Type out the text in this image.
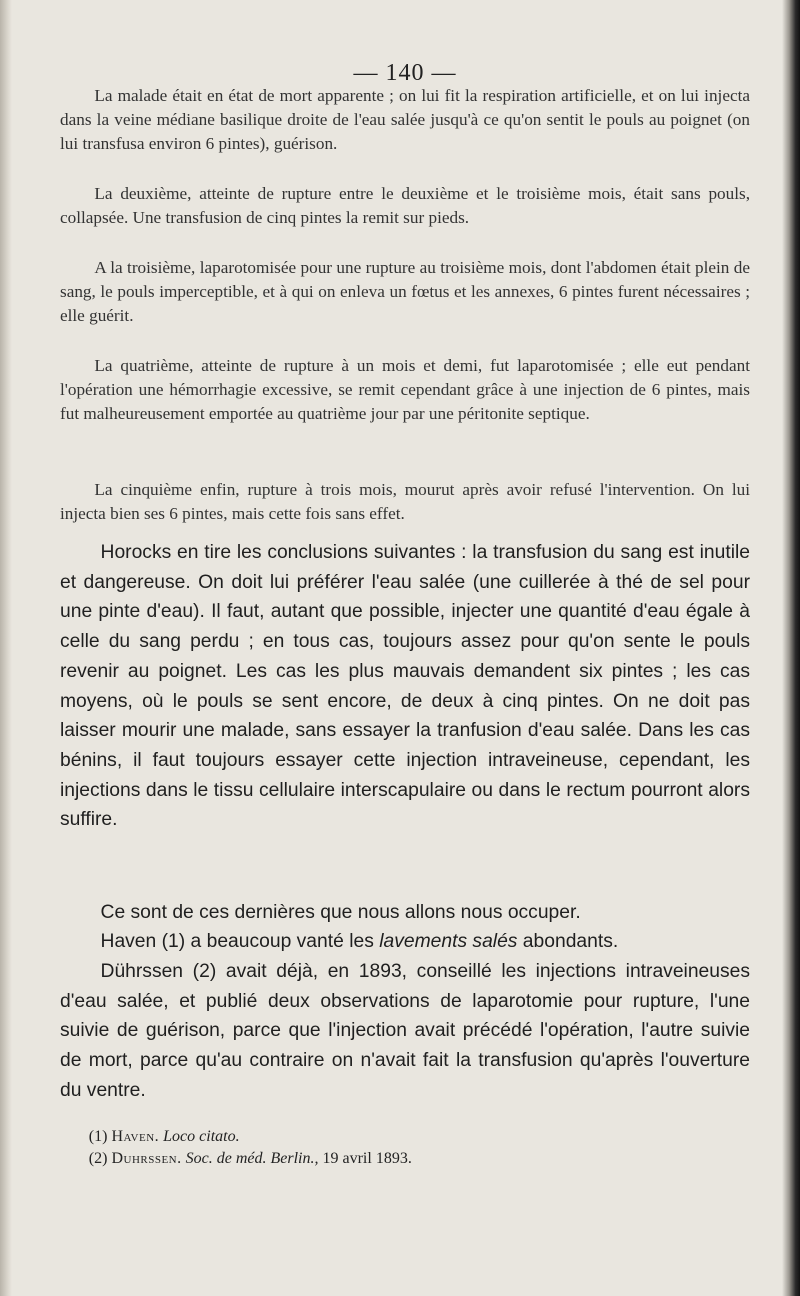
— 140 —

La malade était en état de mort apparente ; on lui fit la respiration artificielle, et on lui injecta dans la veine médiane basilique droite de l'eau salée jusqu'à ce qu'on sentit le pouls au poignet (on lui transfusa environ 6 pintes), guérison.

La deuxième, atteinte de rupture entre le deuxième et le troisième mois, était sans pouls, collapsée. Une transfusion de cinq pintes la remit sur pieds.

A la troisième, laparotomisée pour une rupture au troisième mois, dont l'abdomen était plein de sang, le pouls imperceptible, et à qui on enleva un fœtus et les annexes, 6 pintes furent nécessaires ; elle guérit.

La quatrième, atteinte de rupture à un mois et demi, fut laparotomisée ; elle eut pendant l'opération une hémorrhagie excessive, se remit cependant grâce à une injection de 6 pintes, mais fut malheureusement emportée au quatrième jour par une péritonite septique.

La cinquième enfin, rupture à trois mois, mourut après avoir refusé l'intervention. On lui injecta bien ses 6 pintes, mais cette fois sans effet.

Horocks en tire les conclusions suivantes : la transfusion du sang est inutile et dangereuse. On doit lui préférer l'eau salée (une cuillerée à thé de sel pour une pinte d'eau). Il faut, autant que possible, injecter une quantité d'eau égale à celle du sang perdu ; en tous cas, toujours assez pour qu'on sente le pouls revenir au poignet. Les cas les plus mauvais demandent six pintes ; les cas moyens, où le pouls se sent encore, de deux à cinq pintes. On ne doit pas laisser mourir une malade, sans essayer la tranfusion d'eau salée. Dans les cas bénins, il faut toujours essayer cette injection intraveineuse, cependant, les injections dans le tissu cellulaire interscapulaire ou dans le rectum pourront alors suffire.

Ce sont de ces dernières que nous allons nous occuper.

Haven (1) a beaucoup vanté les lavements salés abondants.

Dührssen (2) avait déjà, en 1893, conseillé les injections intraveineuses d'eau salée, et publié deux observations de laparotomie pour rupture, l'une suivie de guérison, parce que l'injection avait précédé l'opération, l'autre suivie de mort, parce qu'au contraire on n'avait fait la transfusion qu'après l'ouverture du ventre.

(1) Haven. Loco citato.
(2) Duhrssen. Soc. de méd. Berlin., 19 avril 1893.
